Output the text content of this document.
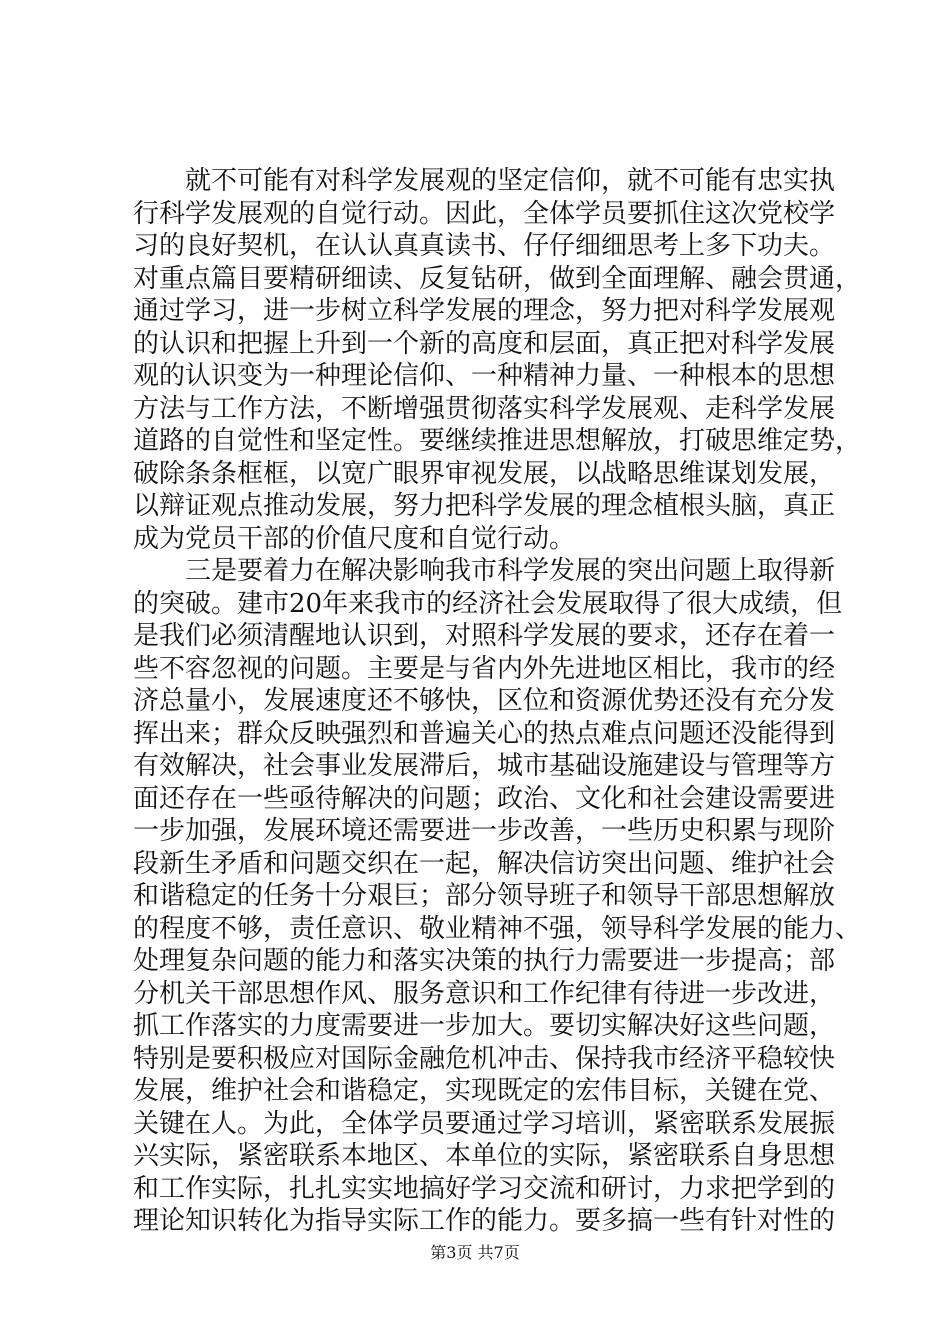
就不可能有对科学发展观的坚定信仰，就不可能有忠实执
行科学发展观的自觉行动。因此，全体学员要抓住这次党校学
习的良好契机，在认认真真读书、仔仔细细思考上多下功夫。
对重点篇目要精研细读、反复钻研，做到全面理解、融会贯通，
通过学习，进一步树立科学发展的理念，努力把对科学发展观
的认识和把握上升到一个新的高度和层面，真正把对科学发展
观的认识变为一种理论信仰、一种精神力量、一种根本的思想
方法与工作方法，不断增强贯彻落实科学发展观、走科学发展
道路的自觉性和坚定性。要继续推进思想解放，打破思维定势，
破除条条框框，以宽广眼界审视发展，以战略思维谋划发展，
以辩证观点推动发展，努力把科学发展的理念植根头脑，真正
成为党员干部的价值尺度和自觉行动。
三是要着力在解决影响我市科学发展的突出问题上取得新
的突破。建市20年来我市的经济社会发展取得了很大成绩，但
是我们必须清醒地认识到，对照科学发展的要求，还存在着一
些不容忽视的问题。主要是与省内外先进地区相比，我市的经
济总量小，发展速度还不够快，区位和资源优势还没有充分发
挥出来；群众反映强烈和普遍关心的热点难点问题还没能得到
有效解决，社会事业发展滞后，城市基础设施建设与管理等方
面还存在一些亟待解决的问题；政治、文化和社会建设需要进
一步加强，发展环境还需要进一步改善，一些历史积累与现阶
段新生矛盾和问题交织在一起，解决信访突出问题、维护社会
和谐稳定的任务十分艰巨；部分领导班子和领导干部思想解放
的程度不够，责任意识、敬业精神不强，领导科学发展的能力、
处理复杂问题的能力和落实决策的执行力需要进一步提高；部
分机关干部思想作风、服务意识和工作纪律有待进一步改进，
抓工作落实的力度需要进一步加大。要切实解决好这些问题，
特别是要积极应对国际金融危机冲击、保持我市经济平稳较快
发展，维护社会和谐稳定，实现既定的宏伟目标，关键在党、
关键在人。为此，全体学员要通过学习培训，紧密联系发展振
兴实际，紧密联系本地区、本单位的实际，紧密联系自身思想
和工作实际，扎扎实实地搞好学习交流和研讨，力求把学到的
理论知识转化为指导实际工作的能力。要多搞一些有针对性的
第3页 共7页
